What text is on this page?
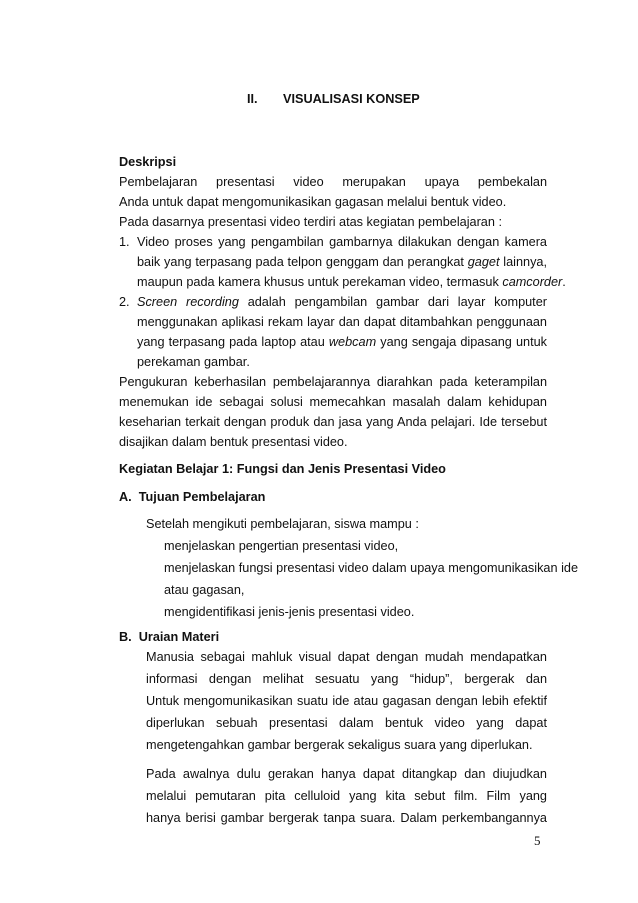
II. VISUALISASI KONSEP
Deskripsi
Pembelajaran presentasi video merupakan upaya pembekalan
Anda untuk dapat mengomunikasikan gagasan melalui bentuk video.
Pada dasarnya presentasi video terdiri atas kegiatan pembelajaran :
1. Video proses yang pengambilan gambarnya dilakukan dengan kamera
baik yang terpasang pada telpon genggam dan perangkat gaget lainnya,
maupun pada kamera khusus untuk perekaman video, termasuk camcorder.
2. Screen recording adalah pengambilan gambar dari layar komputer
menggunakan aplikasi rekam layar dan dapat ditambahkan penggunaan
yang terpasang pada laptop atau webcam yang sengaja dipasang untuk
perekaman gambar.
Pengukuran keberhasilan pembelajarannya diarahkan pada keterampilan
menemukan ide sebagai solusi memecahkan masalah dalam kehidupan
keseharian terkait dengan produk dan jasa yang Anda pelajari. Ide tersebut
disajikan dalam bentuk presentasi video.
Kegiatan Belajar 1: Fungsi dan Jenis Presentasi Video
A.  Tujuan Pembelajaran
Setelah mengikuti pembelajaran, siswa mampu :
menjelaskan pengertian presentasi video,
menjelaskan fungsi presentasi video dalam upaya mengomunikasikan ide
atau gagasan,
mengidentifikasi jenis-jenis presentasi video.
B.  Uraian Materi
Manusia sebagai mahluk visual dapat dengan mudah mendapatkan
informasi dengan melihat sesuatu yang “hidup”, bergerak dan
Untuk mengomunikasikan suatu ide atau gagasan dengan lebih efektif
diperlukan sebuah presentasi dalam bentuk video yang dapat
mengetengahkan gambar bergerak sekaligus suara yang diperlukan.
Pada awalnya dulu gerakan hanya dapat ditangkap dan diujudkan
melalui pemutaran pita celluloid yang kita sebut film. Film yang
hanya berisi gambar bergerak tanpa suara. Dalam perkembangannya
5
